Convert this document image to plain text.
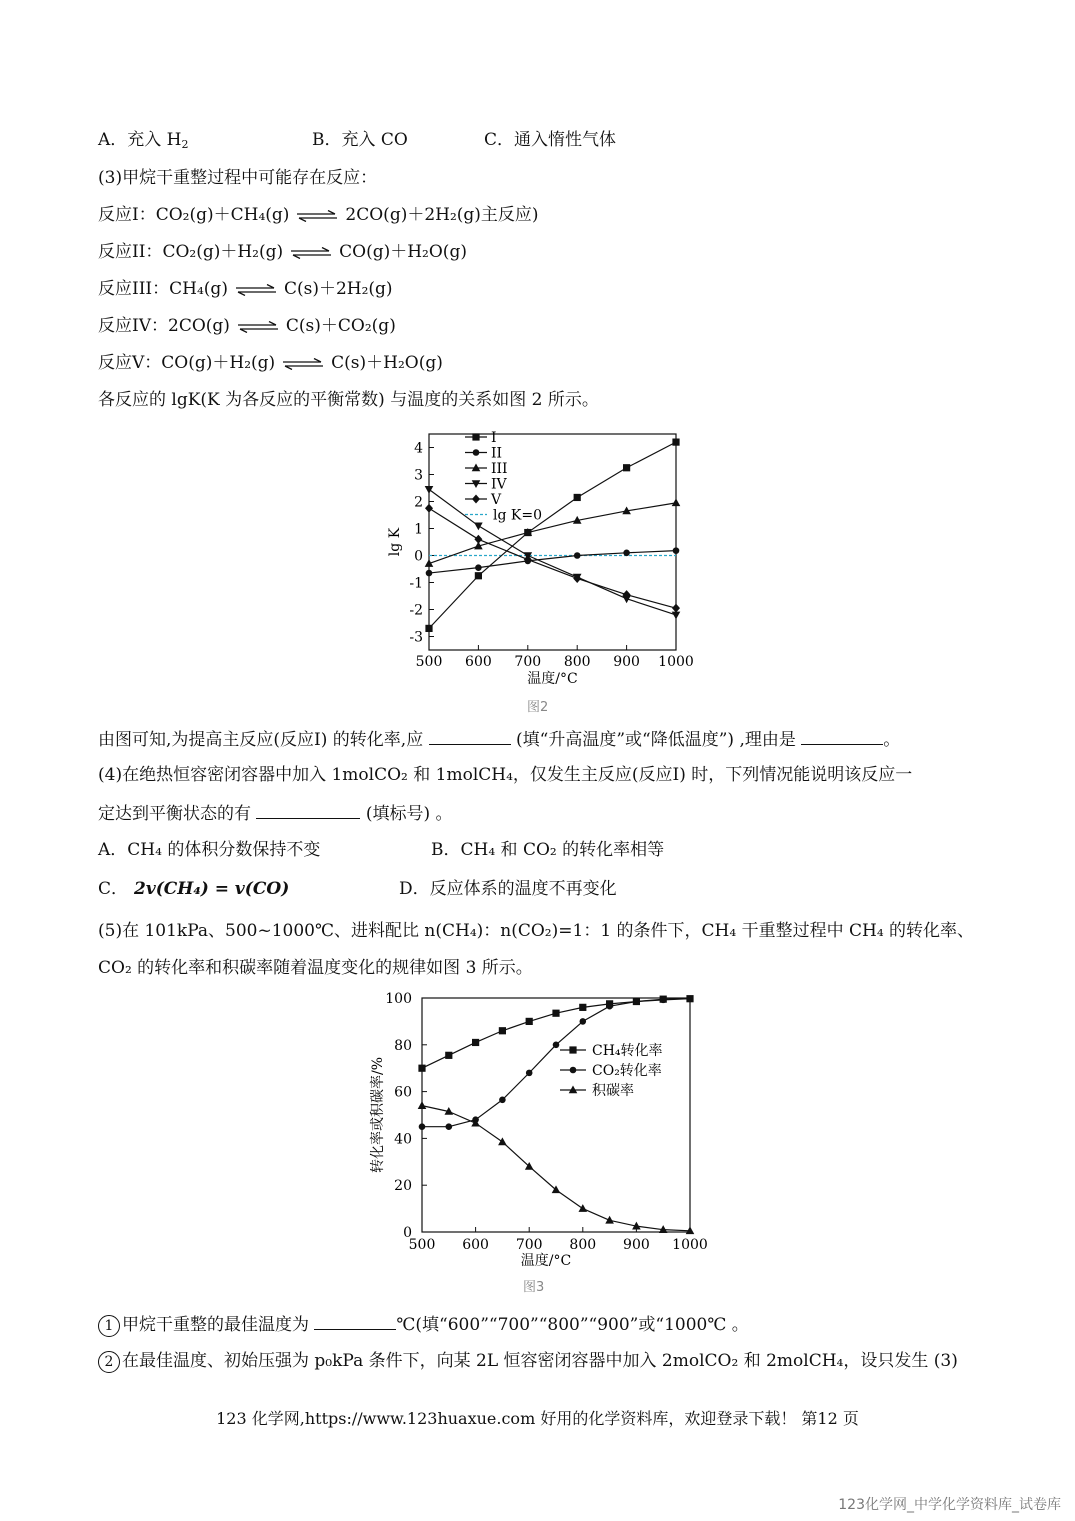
A．充入 $H_2$	B．充入 CO	C．通入惰性气体
(3)甲烷干重整过程中可能存在反应：
反应I：CO₂(g)＋CH₄(g) ⇌ 2CO(g)＋2H₂(g)主反应)
反应II：CO₂(g)＋H₂(g) ⇌ CO(g)＋H₂O(g)
反应III：CH₄(g) ⇌ C(s)＋2H₂(g)
反应IV：2CO(g) ⇌ C(s)＋CO₂(g)
反应V：CO(g)＋H₂(g) ⇌ C(s)＋H₂O(g)
各反应的 lgK(K 为各反应的平衡常数) 与温度的关系如图 2 所示。
500 600 700 800 900 1000
-3
-2
-1
0
1
2
3
4
温度/°C
lg K
I
II
III
IV
V
lg K=0
图2
由图可知,为提高主反应(反应I) 的转化率,应	(填“升高温度”或“降低温度”) ,理由是	。
(4)在绝热恒容密闭容器中加入 1molCO₂ 和 1molCH₄，仅发生主反应(反应I) 时，下列情况能说明该反应一
定达到平衡状态的有	(填标号) 。
A．CH₄ 的体积分数保持不变	B．CH₄ 和 CO₂ 的转化率相等
C． 2v(CH₄) = v(CO)	D．反应体系的温度不再变化
(5)在 101kPa、500~1000℃、进料配比 n(CH₄)：n(CO₂)=1：1 的条件下，CH₄ 干重整过程中 CH₄ 的转化率、
CO₂ 的转化率和积碳率随着温度变化的规律如图 3 所示。
500 600 700 800 900 1000
0
20
40
60
80
100
温度/°C
转化率或积碳率/%
CH₄转化率
CO₂转化率
积碳率
图3
1 甲烷干重整的最佳温度为	℃(填“600”“700”“800”“900”或“1000℃ 。
2 在最佳温度、初始压强为 p₀kPa 条件下，向某 2L 恒容密闭容器中加入 2molCO₂ 和 2molCH₄，设只发生 (3)
123 化学网,https://www.123huaxue.com 好用的化学资料库，欢迎登录下载！ 第12 页
123化学网_中学化学资料库_试卷库
